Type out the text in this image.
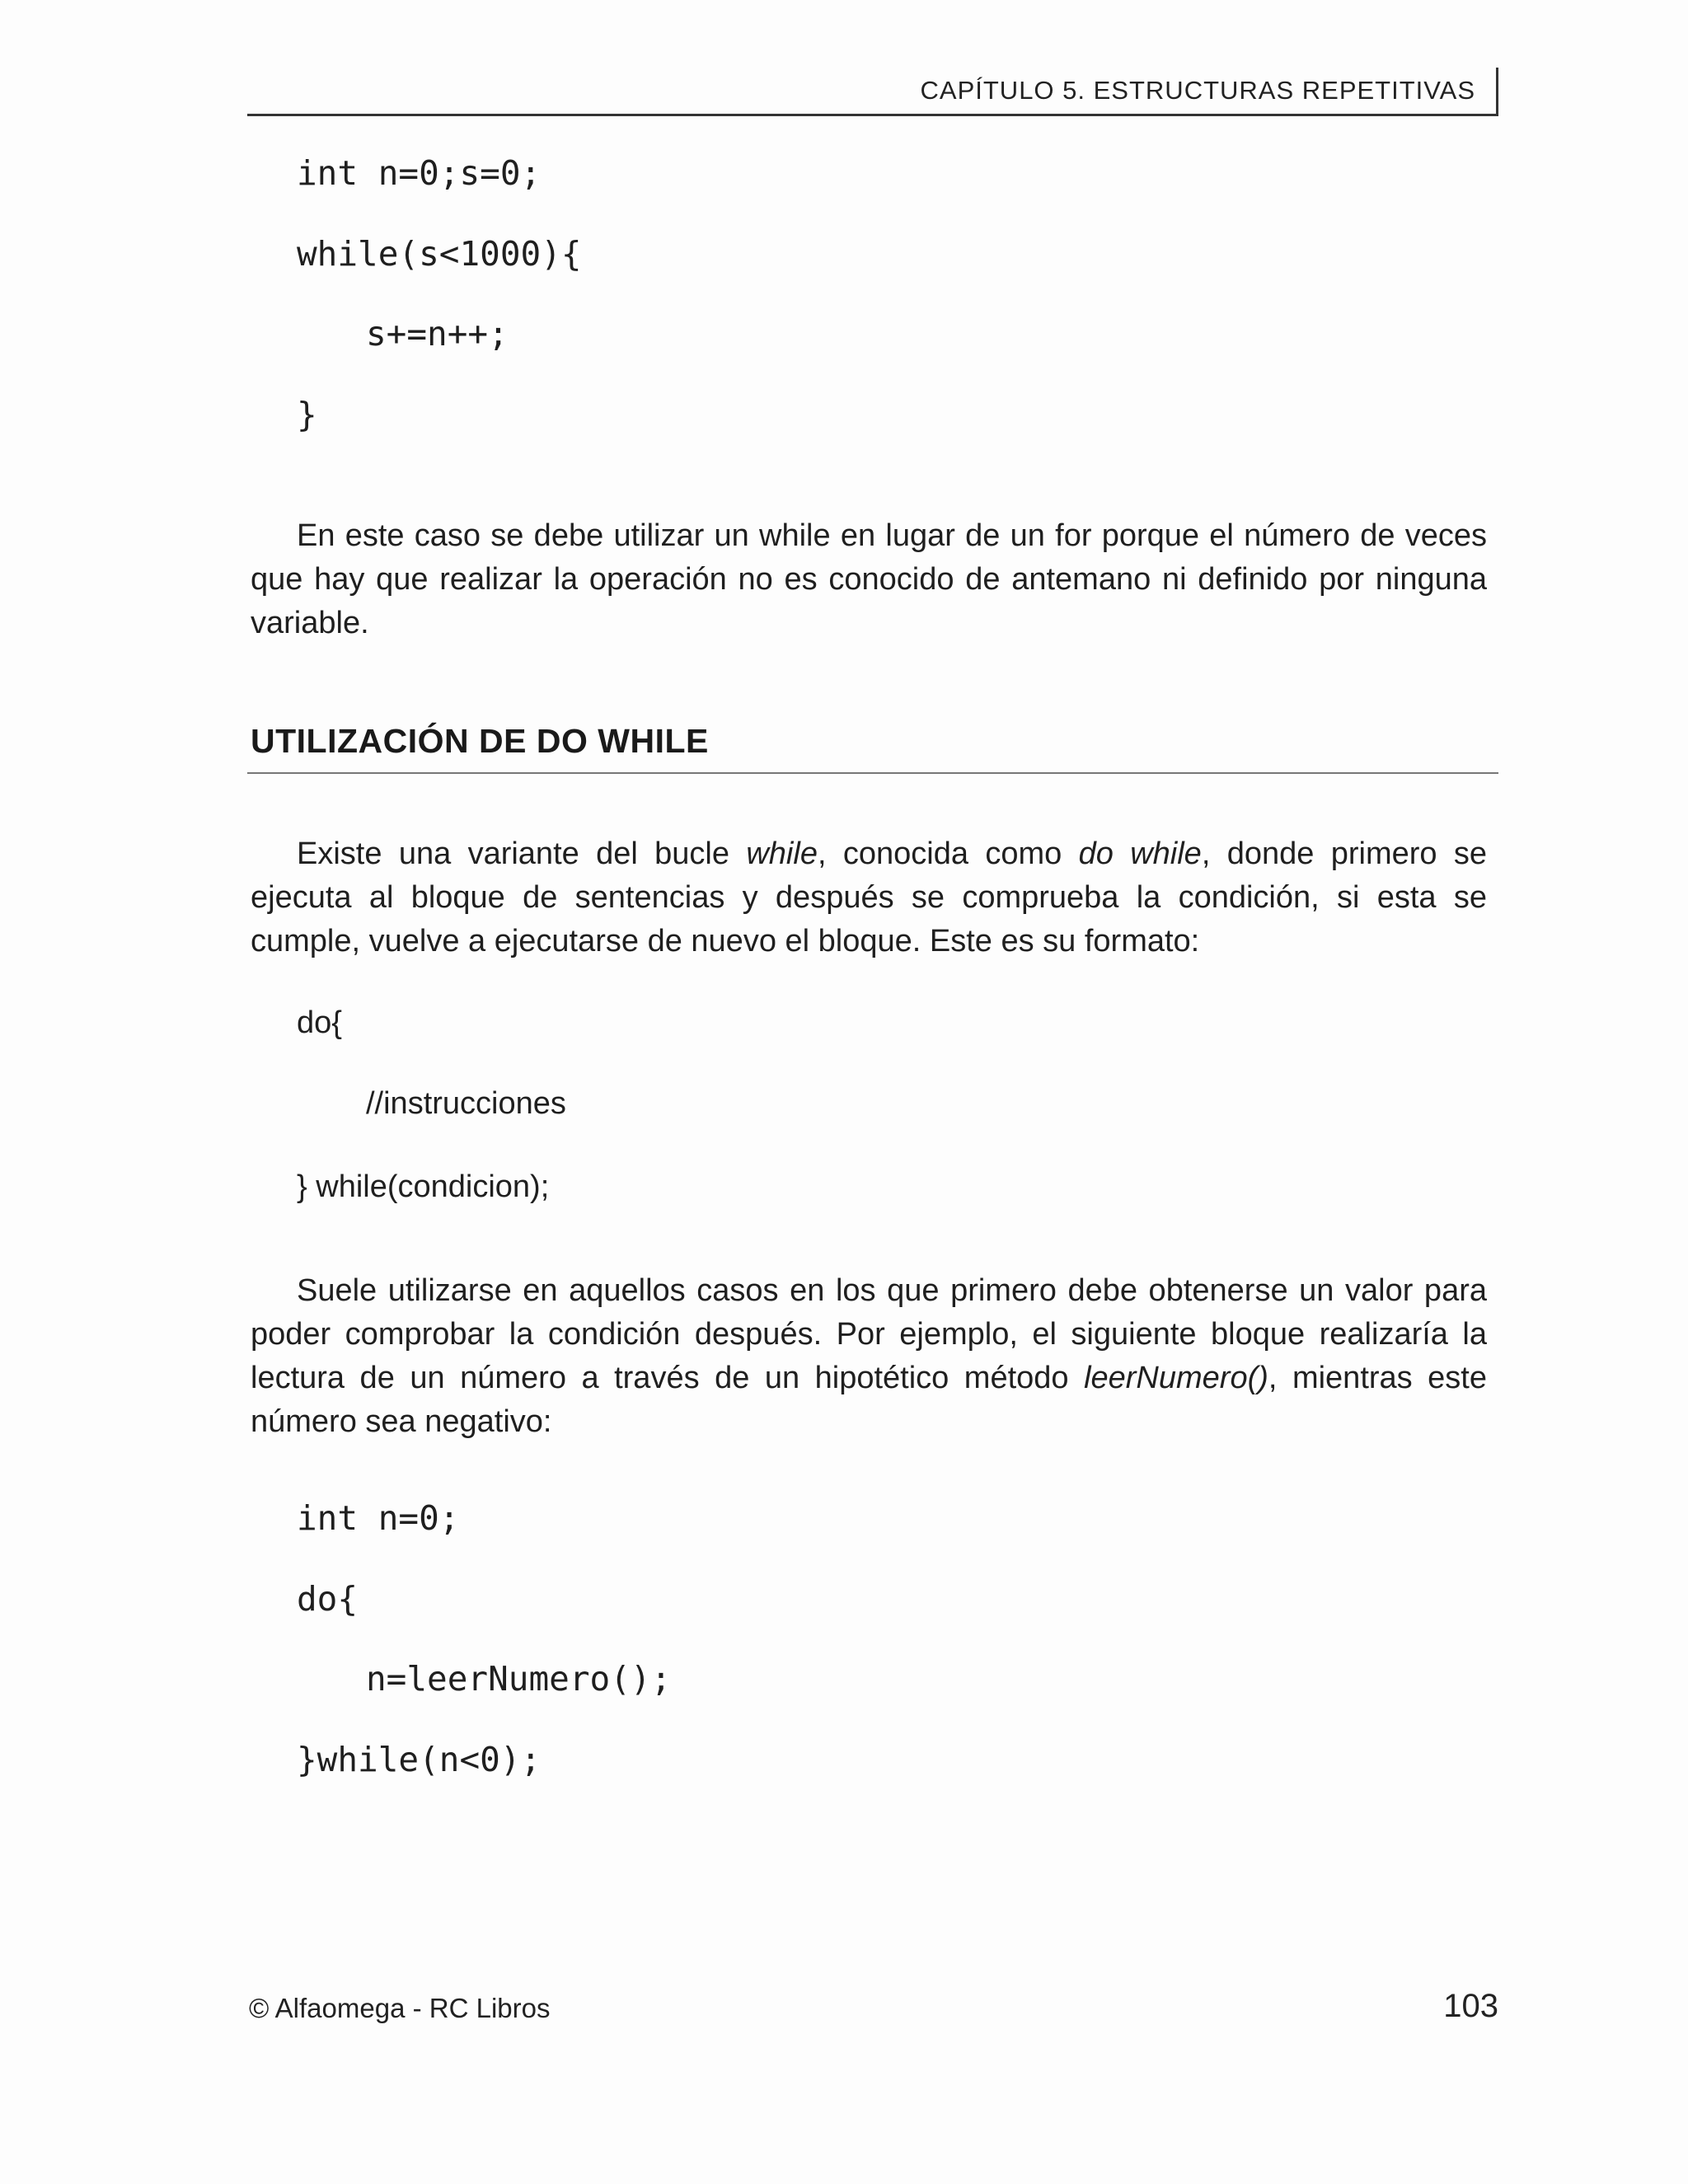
CAPÍTULO 5. ESTRUCTURAS REPETITIVAS
int n=0;s=0;
while(s<1000){
s+=n++;
}

En este caso se debe utilizar un while en lugar de un for porque el número de veces que hay que realizar la operación no es conocido de antemano ni definido por ninguna variable.

UTILIZACIÓN DE DO WHILE

Existe una variante del bucle while, conocida como do while, donde primero se ejecuta al bloque de sentencias y después se comprueba la condición, si esta se cumple, vuelve a ejecutarse de nuevo el bloque. Este es su formato:

do{
//instrucciones
} while(condicion);

Suele utilizarse en aquellos casos en los que primero debe obtenerse un valor para poder comprobar la condición después. Por ejemplo, el siguiente bloque realizaría la lectura de un número a través de un hipotético método leerNumero(), mientras este número sea negativo:

int n=0;
do{
n=leerNumero();
}while(n<0);
© Alfaomega - RC Libros	103
